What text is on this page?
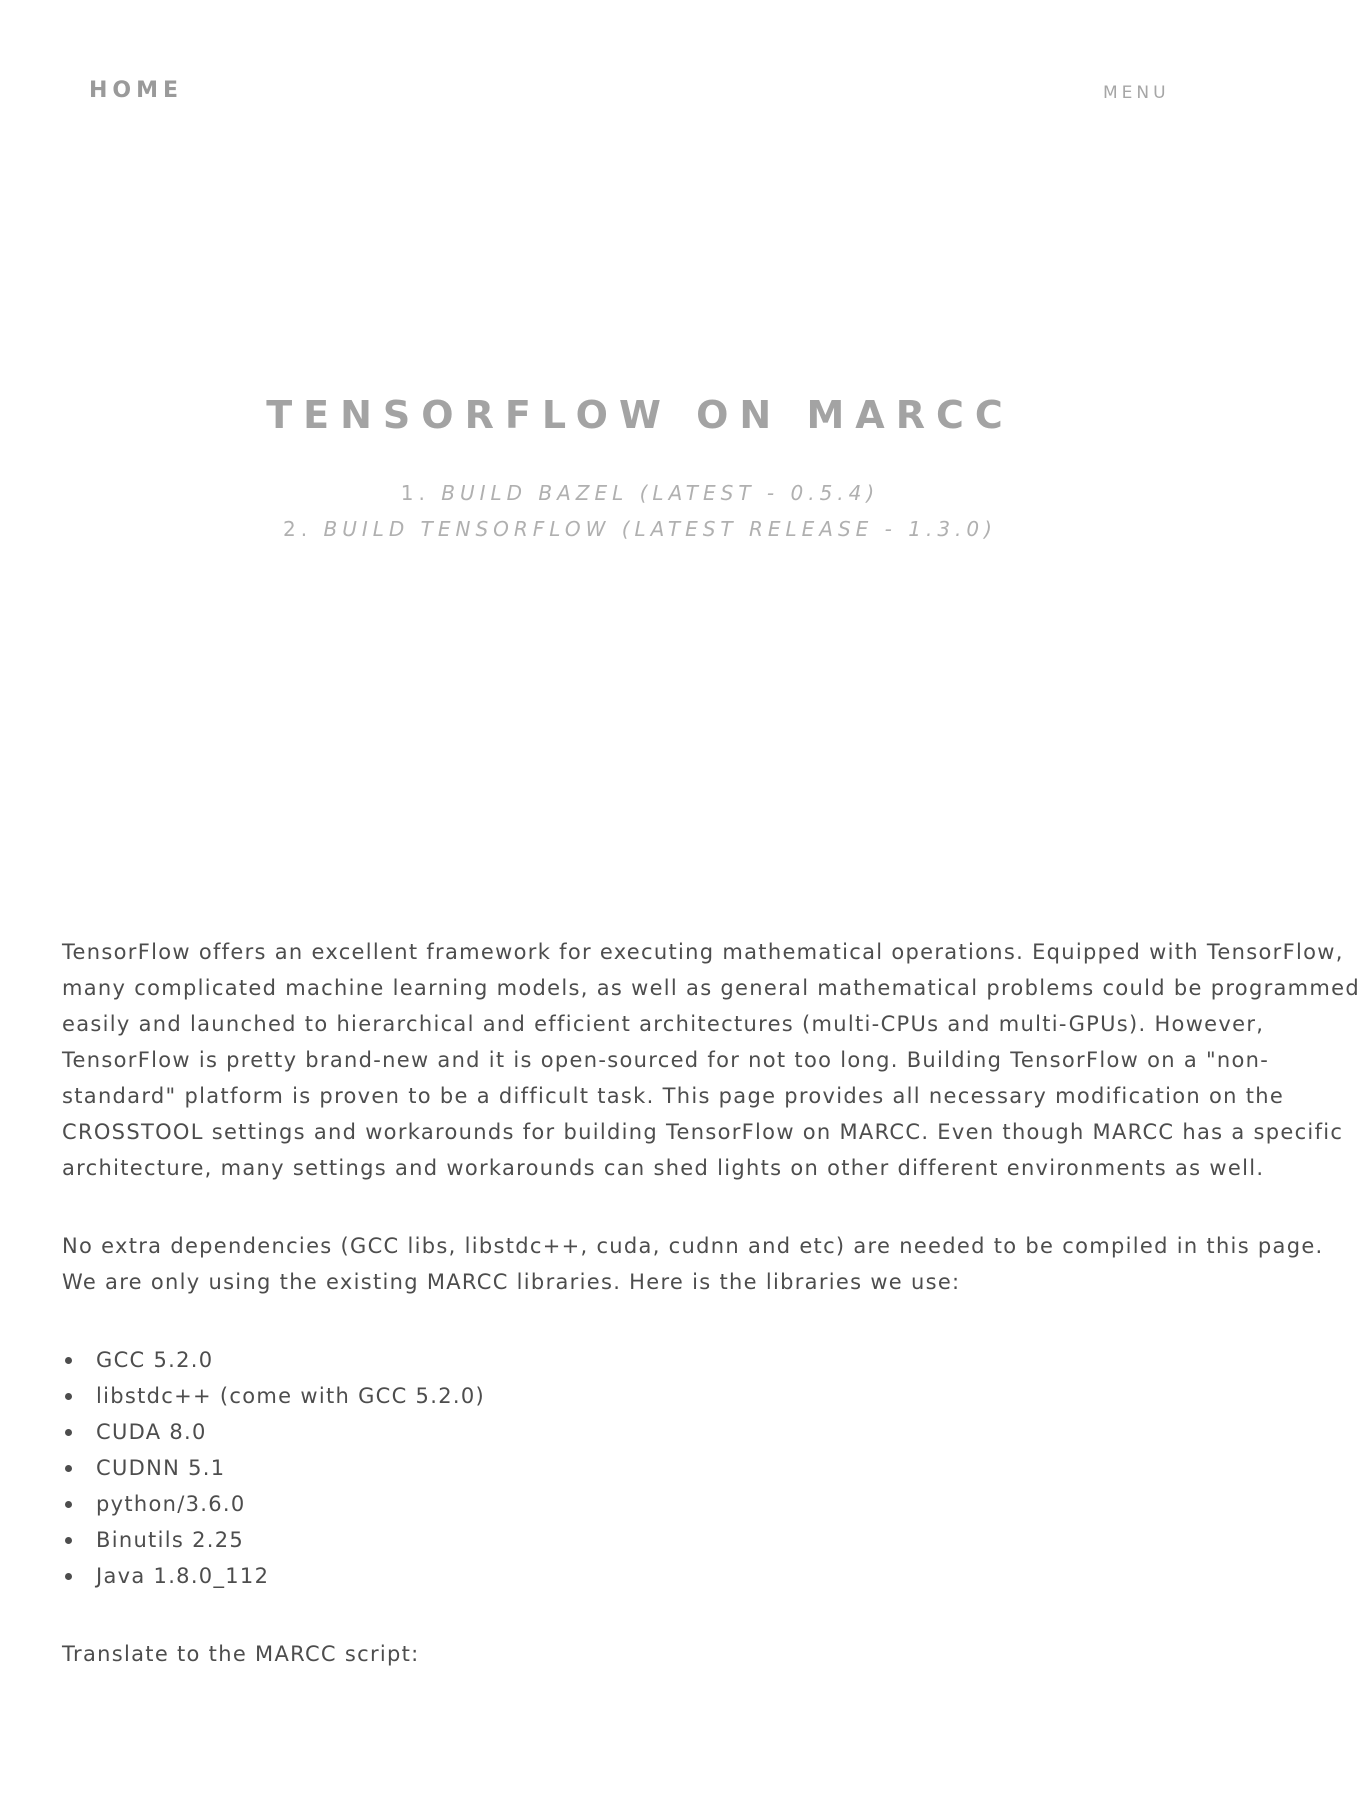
HOME	MENU
TENSORFLOW ON MARCC
1. BUILD BAZEL (LATEST - 0.5.4)
2. BUILD TENSORFLOW (LATEST RELEASE - 1.3.0)

TensorFlow offers an excellent framework for executing mathematical operations. Equipped with TensorFlow,
many complicated machine learning models, as well as general mathematical problems could be programmed
easily and launched to hierarchical and efficient architectures (multi-CPUs and multi-GPUs). However,
TensorFlow is pretty brand-new and it is open-sourced for not too long. Building TensorFlow on a "non-
standard" platform is proven to be a difficult task. This page provides all necessary modification on the
CROSSTOOL settings and workarounds for building TensorFlow on MARCC. Even though MARCC has a specific
architecture, many settings and workarounds can shed lights on other different environments as well.

No extra dependencies (GCC libs, libstdc++, cuda, cudnn and etc) are needed to be compiled in this page.
We are only using the existing MARCC libraries. Here is the libraries we use:

GCC 5.2.0
libstdc++ (come with GCC 5.2.0)
CUDA 8.0
CUDNN 5.1
python/3.6.0
Binutils 2.25
Java 1.8.0_112

Translate to the MARCC script:
